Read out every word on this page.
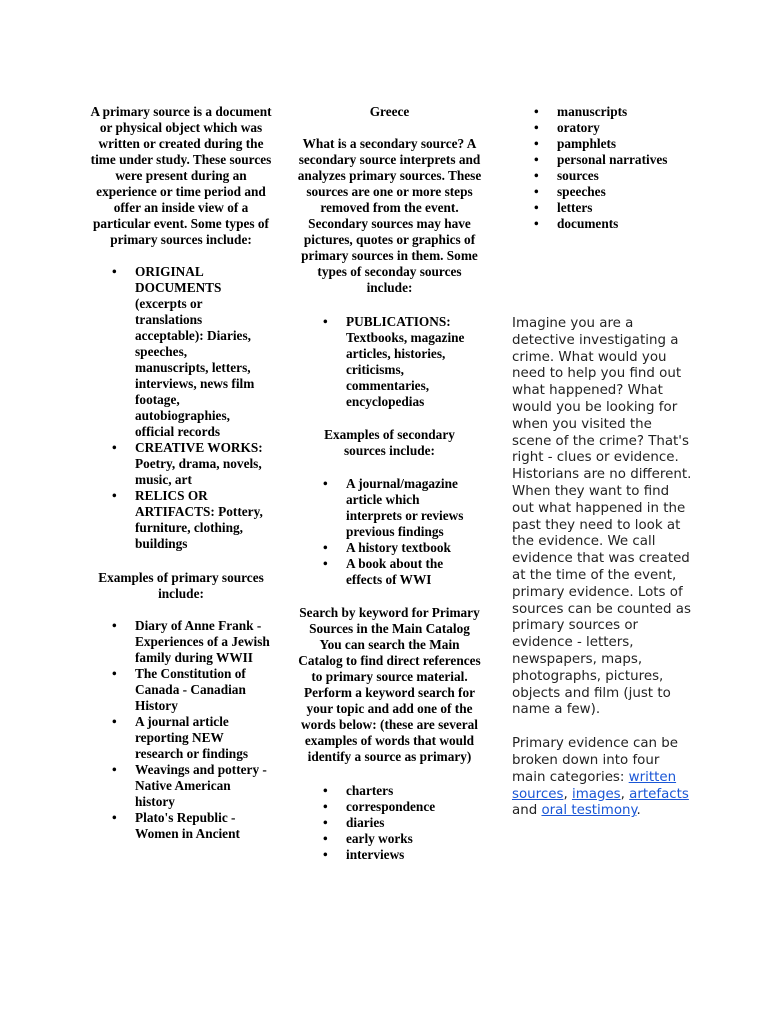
A primary source is a document or physical object which was written or created during the time under study. These sources were present during an experience or time period and offer an inside view of a particular event. Some types of primary sources include:

• ORIGINAL DOCUMENTS (excerpts or translations acceptable): Diaries, speeches, manuscripts, letters, interviews, news film footage, autobiographies, official records
• CREATIVE WORKS: Poetry, drama, novels, music, art
• RELICS OR ARTIFACTS: Pottery, furniture, clothing, buildings

Examples of primary sources include:

• Diary of Anne Frank - Experiences of a Jewish family during WWII
• The Constitution of Canada - Canadian History
• A journal article reporting NEW research or findings
• Weavings and pottery - Native American history
• Plato's Republic - Women in Ancient

Greece

What is a secondary source? A secondary source interprets and analyzes primary sources. These sources are one or more steps removed from the event. Secondary sources may have pictures, quotes or graphics of primary sources in them. Some types of seconday sources include:

• PUBLICATIONS: Textbooks, magazine articles, histories, criticisms, commentaries, encyclopedias

Examples of secondary sources include:

• A journal/magazine article which interprets or reviews previous findings
• A history textbook
• A book about the effects of WWI

Search by keyword for Primary Sources in the Main Catalog

You can search the Main Catalog to find direct references to primary source material. Perform a keyword search for your topic and add one of the words below: (these are several examples of words that would identify a source as primary)

• charters
• correspondence
• diaries
• early works
• interviews
• manuscripts
• oratory
• pamphlets
• personal narratives
• sources
• speeches
• letters
• documents

Imagine you are a detective investigating a crime. What would you need to help you find out what happened? What would you be looking for when you visited the scene of the crime? That's right - clues or evidence. Historians are no different. When they want to find out what happened in the past they need to look at the evidence. We call evidence that was created at the time of the event, primary evidence. Lots of sources can be counted as primary sources or evidence - letters, newspapers, maps, photographs, pictures, objects and film (just to name a few).

Primary evidence can be broken down into four main categories: written sources, images, artefacts and oral testimony.
